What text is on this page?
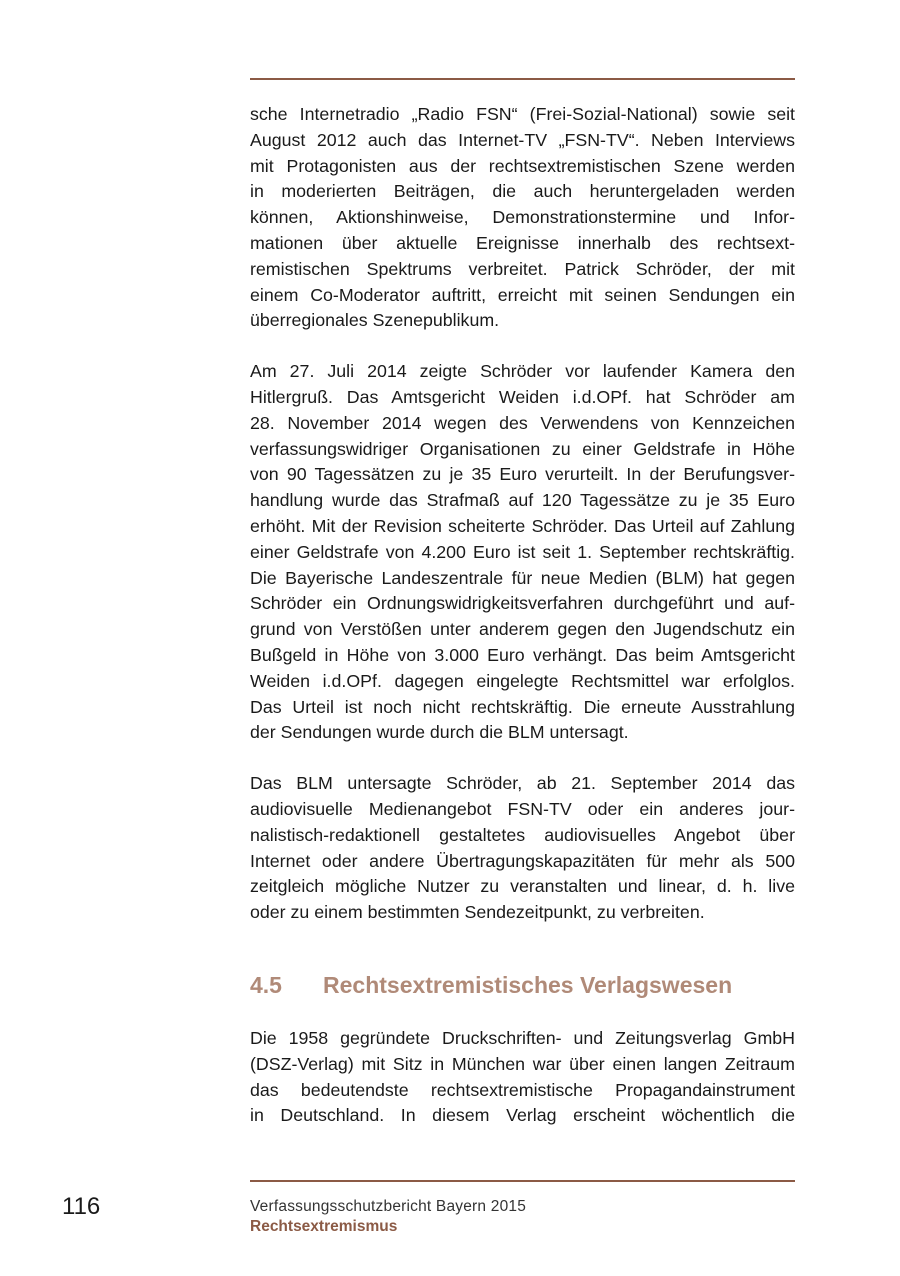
sche Internetradio „Radio FSN“ (Frei-Sozial-National) sowie seit
August 2012 auch das Internet-TV „FSN-TV“. Neben Interviews
mit Protagonisten aus der rechtsextremistischen Szene werden
in moderierten Beiträgen, die auch heruntergeladen werden
können, Aktionshinweise, Demonstrationstermine und Infor-
mationen über aktuelle Ereignisse innerhalb des rechtsext-
remistischen Spektrums verbreitet. Patrick Schröder, der mit
einem Co-Moderator auftritt, erreicht mit seinen Sendungen ein
überregionales Szenepublikum.

Am 27. Juli 2014 zeigte Schröder vor laufender Kamera den
Hitlergruß. Das Amtsgericht Weiden i.d.OPf. hat Schröder am
28. November 2014 wegen des Verwendens von Kennzeichen
verfassungswidriger Organisationen zu einer Geldstrafe in Höhe
von 90 Tagessätzen zu je 35 Euro verurteilt. In der Berufungsver-
handlung wurde das Strafmaß auf 120 Tagessätze zu je 35 Euro
erhöht. Mit der Revision scheiterte Schröder. Das Urteil auf Zahlung
einer Geldstrafe von 4.200 Euro ist seit 1. September rechtskräftig.
Die Bayerische Landeszentrale für neue Medien (BLM) hat gegen
Schröder ein Ordnungswidrigkeitsverfahren durchgeführt und auf-
grund von Verstößen unter anderem gegen den Jugendschutz ein
Bußgeld in Höhe von 3.000 Euro verhängt. Das beim Amtsgericht
Weiden i.d.OPf. dagegen eingelegte Rechtsmittel war erfolglos.
Das Urteil ist noch nicht rechtskräftig. Die erneute Ausstrahlung
der Sendungen wurde durch die BLM untersagt.

Das BLM untersagte Schröder, ab 21. September 2014 das
audiovisuelle Medienangebot FSN-TV oder ein anderes jour-
nalistisch-redaktionell gestaltetes audiovisuelles Angebot über
Internet oder andere Übertragungskapazitäten für mehr als 500
zeitgleich mögliche Nutzer zu veranstalten und linear, d. h. live
oder zu einem bestimmten Sendezeitpunkt, zu verbreiten.

4.5	Rechtsextremistisches Verlagswesen

Die 1958 gegründete Druckschriften- und Zeitungsverlag GmbH
(DSZ-Verlag) mit Sitz in München war über einen langen Zeitraum
das bedeutendste rechtsextremistische Propagandainstrument
in Deutschland. In diesem Verlag erscheint wöchentlich die

116	Verfassungsschutzbericht Bayern 2015
Rechtsextremismus
